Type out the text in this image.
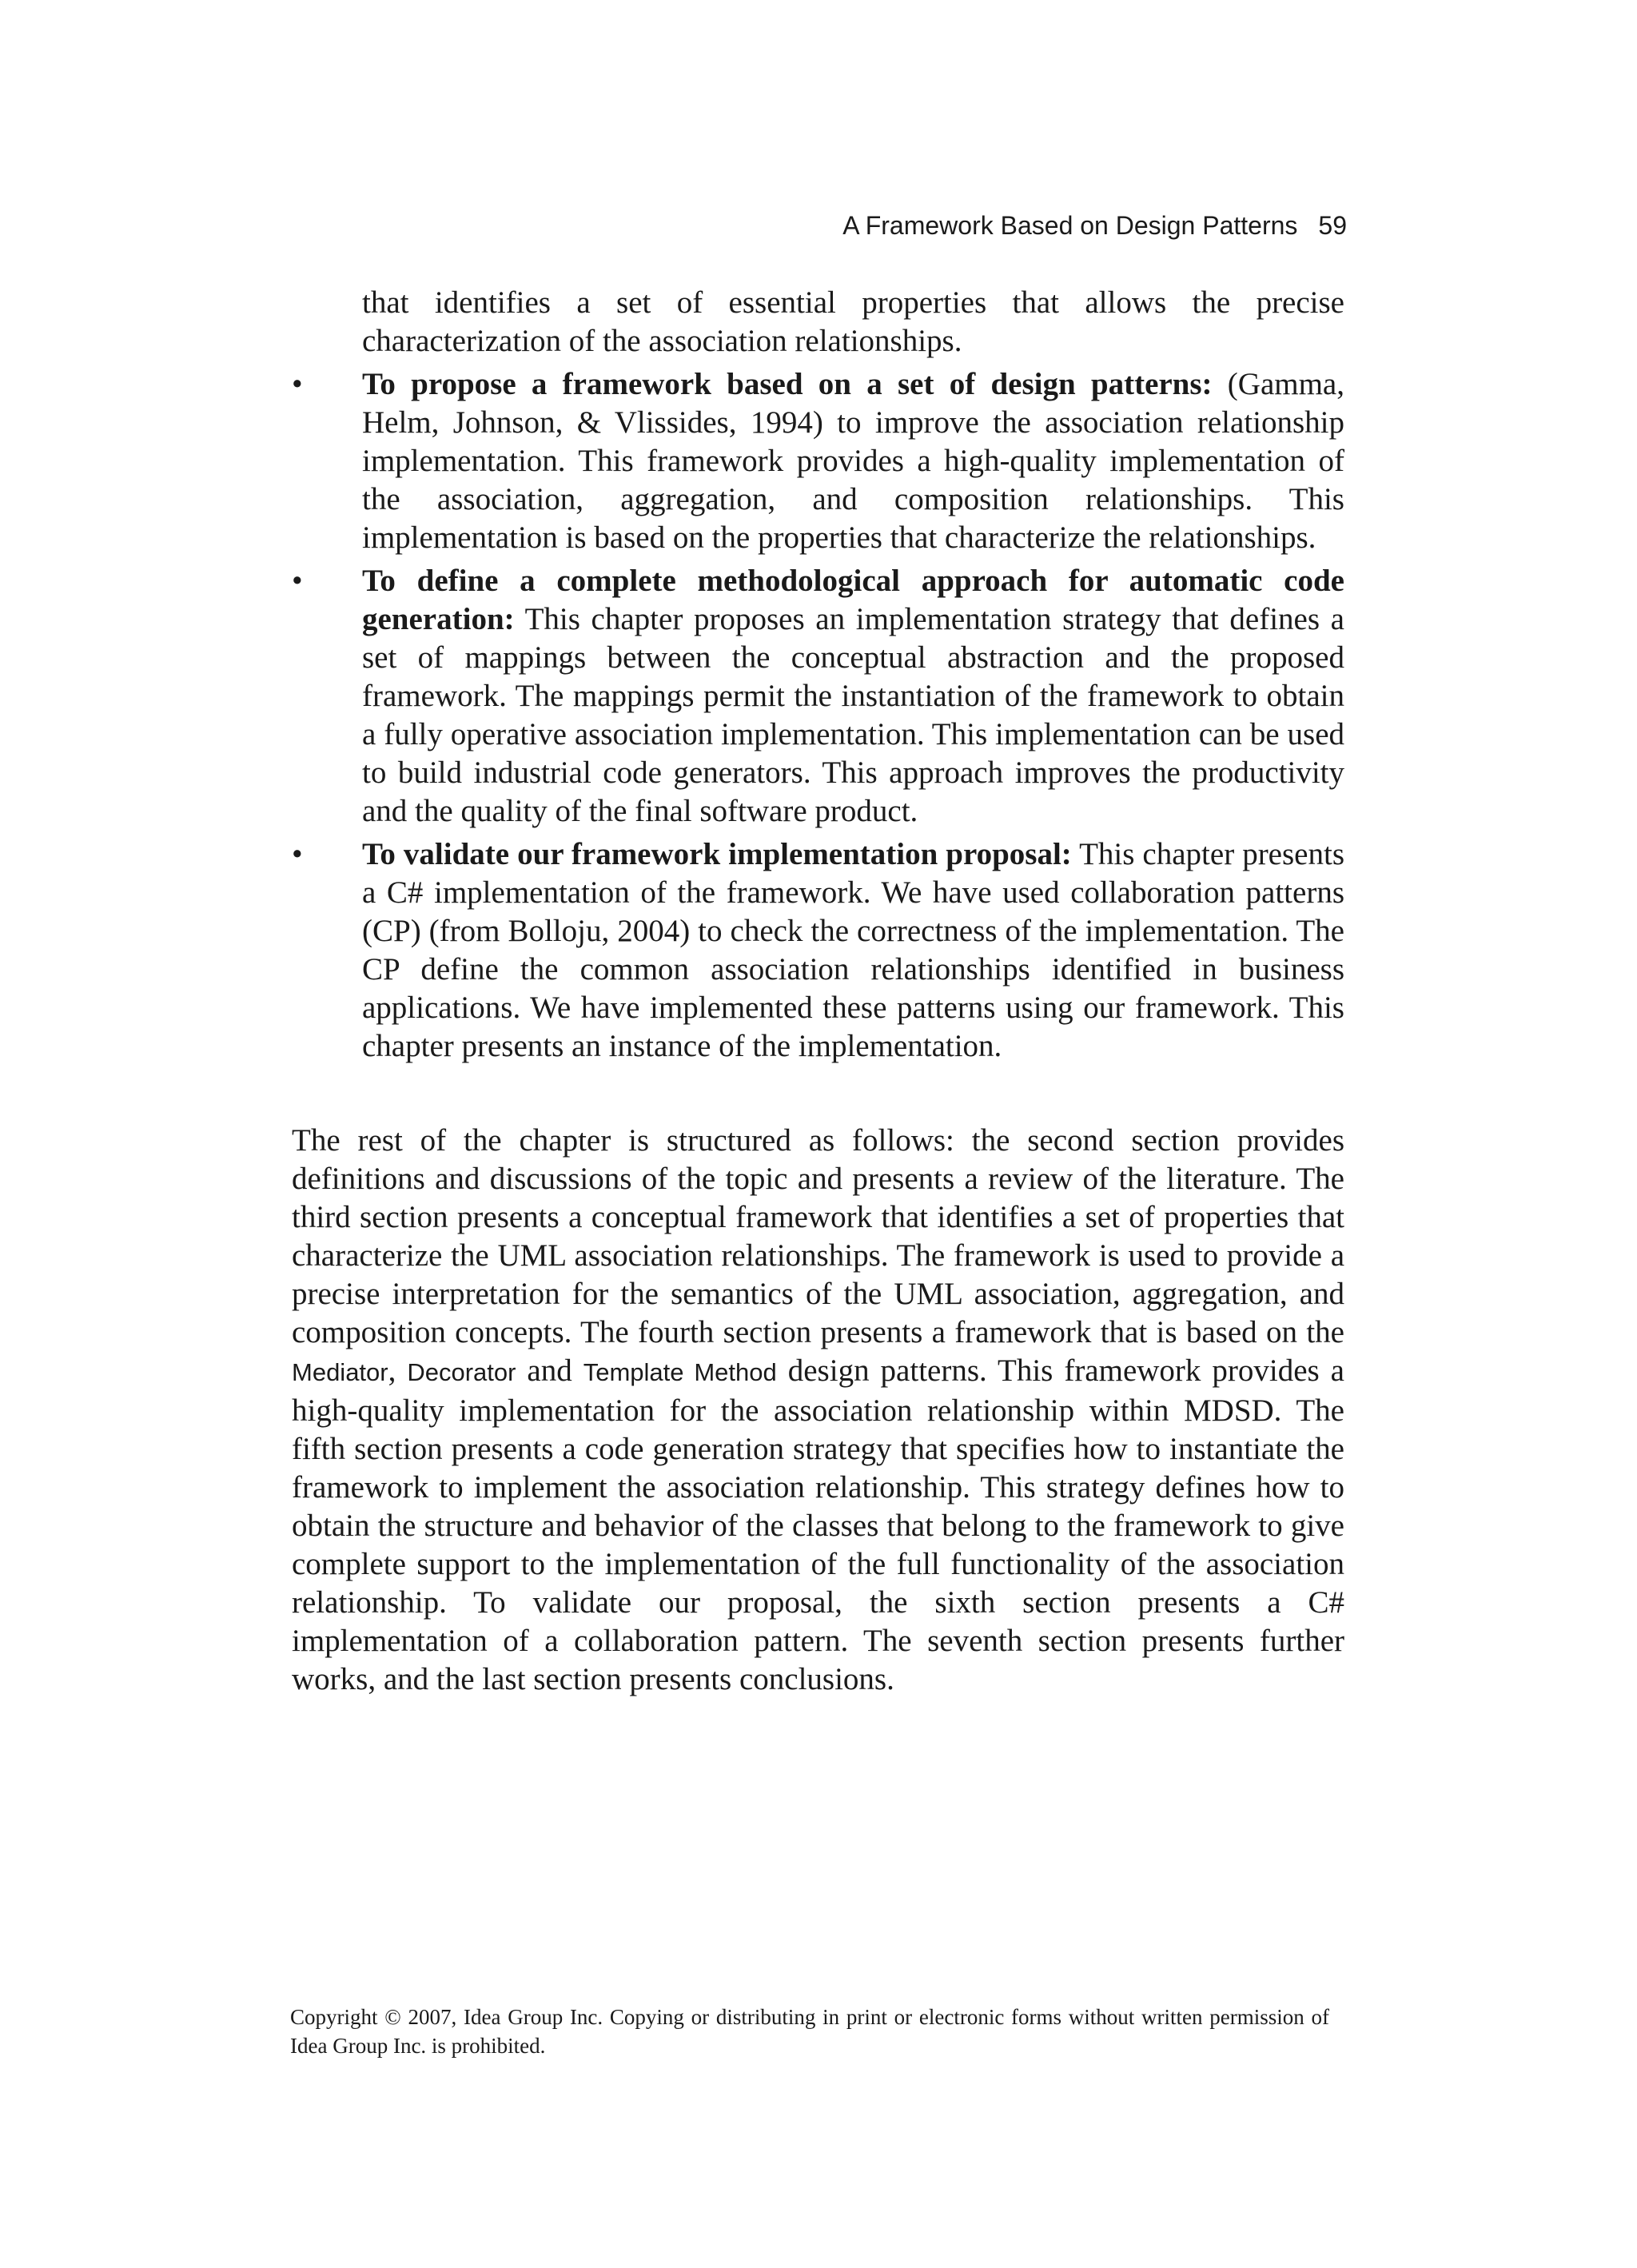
A Framework Based on Design Patterns 59

that identifies a set of essential properties that allows the precise characterization of the association relationships.

•	To propose a framework based on a set of design patterns: (Gamma, Helm, Johnson, & Vlissides, 1994) to improve the association relationship implementation. This framework provides a high-quality implementation of the association, aggregation, and composition relationships. This implementation is based on the properties that characterize the relationships.
•	To define a complete methodological approach for automatic code generation: This chapter proposes an implementation strategy that defines a set of mappings between the conceptual abstraction and the proposed framework. The mappings permit the instantiation of the framework to obtain a fully operative association implementation. This implementation can be used to build industrial code generators. This approach improves the productivity and the quality of the final software product.
•	To validate our framework implementation proposal: This chapter presents a C# implementation of the framework. We have used collaboration patterns (CP) (from Bolloju, 2004) to check the correctness of the implementation. The CP define the common association relationships identified in business applications. We have implemented these patterns using our framework. This chapter presents an instance of the implementation.

The rest of the chapter is structured as follows: the second section provides definitions and discussions of the topic and presents a review of the literature. The third section presents a conceptual framework that identifies a set of properties that characterize the UML association relationships. The framework is used to provide a precise interpretation for the semantics of the UML association, aggregation, and composition concepts. The fourth section presents a framework that is based on the Mediator, Decorator and Template Method design patterns. This framework provides a high-quality implementation for the association relationship within MDSD. The fifth section presents a code generation strategy that specifies how to instantiate the framework to implement the association relationship. This strategy defines how to obtain the structure and behavior of the classes that belong to the framework to give complete support to the implementation of the full functionality of the association relationship. To validate our proposal, the sixth section presents a C# implementation of a collaboration pattern. The seventh section presents further works, and the last section presents conclusions.

Copyright © 2007, Idea Group Inc. Copying or distributing in print or electronic forms without written permission of Idea Group Inc. is prohibited.
